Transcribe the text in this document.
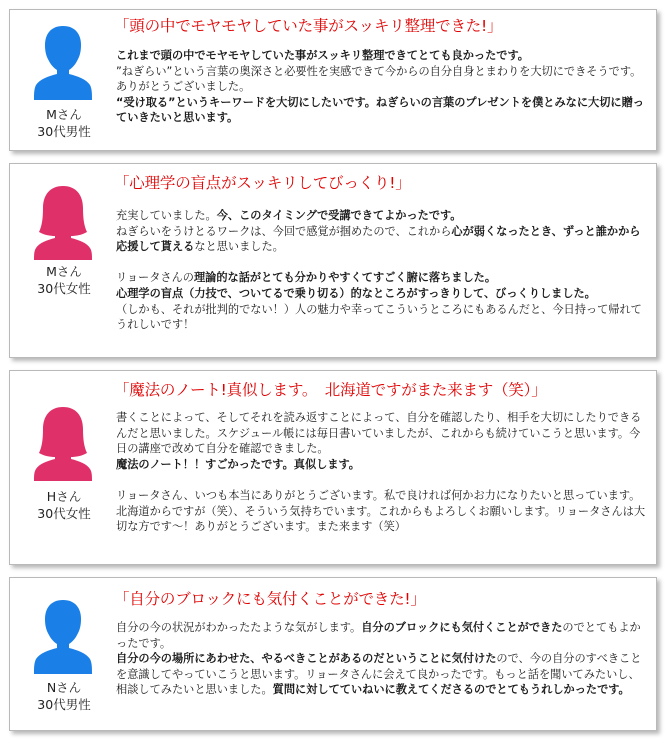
Mさん
30代男性
「頭の中でモヤモヤしていた事がスッキリ整理できた!」

これまで頭の中でモヤモヤしていた事がスッキリ整理できてとても良かったです。
”ねぎらい”という言葉の奥深さと必要性を実感できて今からの自分自身とまわりを大切にできそうです。ありがとうございました。
“受け取る”というキーワードを大切にしたいです。ねぎらいの言葉のプレゼントを僕とみなに大切に贈っていきたいと思います。

Mさん
30代女性
「心理学の盲点がスッキリしてびっくり!」

充実していました。今、このタイミングで受講できてよかったです。
ねぎらいをうけとるワークは、今回で感覚が掴めたので、これから心が弱くなったとき、ずっと誰かから応援して貰えるなと思いました。

リョータさんの理論的な話がとても分かりやすくてすごく腑に落ちました。
心理学の盲点（力技で、ついてるで乗り切る）的なところがすっきりして、びっくりしました。
（しかも、それが批判的でない！）人の魅力や幸ってこういうところにもあるんだと、今日持って帰れてうれしいです！

Hさん
30代女性
「魔法のノート!真似します。　北海道ですがまた来ます（笑）」

書くことによって、そしてそれを読み返すことによって、自分を確認したり、相手を大切にしたりできるんだと思いました。スケジュール帳には毎日書いていましたが、これからも続けていこうと思います。今日の講座で改めて自分を確認できました。
魔法のノート！！すごかったです。真似します。

リョータさん、いつも本当にありがとうございます。私で良ければ何かお力になりたいと思っています。北海道からですが（笑）、そういう気持ちでいます。これからもよろしくお願いします。リョータさんは大切な方です〜！ありがとうございます。また来ます（笑）

Nさん
30代男性
「自分のブロックにも気付くことができた!」

自分の今の状況がわかったたような気がします。自分のブロックにも気付くことができたのでとてもよかったです。
自分の今の場所にあわせた、やるべきことがあるのだということに気付けたので、今の自分のすべきことを意識してやっていこうと思います。リョータさんに会えて良かったです。もっと話を聞いてみたいし、相談してみたいと思いました。質問に対してていねいに教えてくださるのでとてもうれしかったです。
